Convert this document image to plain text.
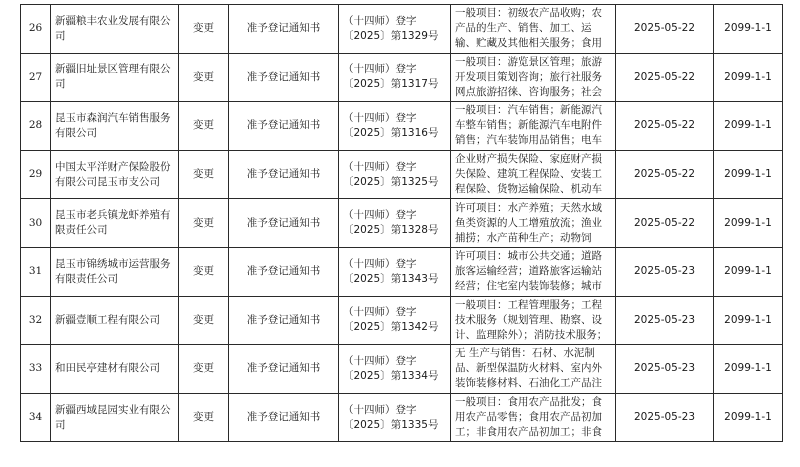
26	新疆粮丰农业发展有限公司	变更	准予登记通知书	（十四师）登字〔2025〕第1329号	一般项目：初级农产品收购；农产品的生产、销售、加工、运输、贮藏及其他相关服务；食用	2025-05-22	2099-1-1
27	新疆旧址景区管理有限公司	变更	准予登记通知书	（十四师）登字〔2025〕第1317号	一般项目：游览景区管理；旅游开发项目策划咨询；旅行社服务网点旅游招徕、咨询服务；社会	2025-05-22	2099-1-1
28	昆玉市森润汽车销售服务有限公司	变更	准予登记通知书	（十四师）登字〔2025〕第1316号	一般项目：汽车销售；新能源汽车整车销售；新能源汽车电附件销售；汽车装饰用品销售；电车	2025-05-22	2099-1-1
29	中国太平洋财产保险股份有限公司昆玉市支公司	变更	准予登记通知书	（十四师）登字〔2025〕第1325号	企业财产损失保险、家庭财产损失保险、建筑工程保险、安装工程保险、货物运输保险、机动车	2025-05-22	2099-1-1
30	昆玉市老兵镇龙虾养殖有限责任公司	变更	准予登记通知书	（十四师）登字〔2025〕第1328号	许可项目：水产养殖；天然水域鱼类资源的人工增殖放流；渔业捕捞；水产苗种生产；动物饲	2025-05-22	2099-1-1
31	昆玉市锦绣城市运营服务有限责任公司	变更	准予登记通知书	（十四师）登字〔2025〕第1343号	许可项目：城市公共交通；道路旅客运输经营；道路旅客运输站经营；住宅室内装饰装修；城市	2025-05-23	2099-1-1
32	新疆壹顺工程有限公司	变更	准予登记通知书	（十四师）登字〔2025〕第1342号	一般项目：工程管理服务；工程技术服务（规划管理、勘察、设计、监理除外）；消防技术服务；	2025-05-23	2099-1-1
33	和田民亭建材有限公司	变更	准予登记通知书	（十四师）登字〔2025〕第1334号	无 生产与销售：石材、水泥制品、新型保温防火材料、室内外装饰装修材料、石油化工产品注	2025-05-23	2099-1-1
34	新疆西域昆园实业有限公司	变更	准予登记通知书	（十四师）登字〔2025〕第1335号	一般项目：食用农产品批发；食用农产品零售；食用农产品初加工；非食用农产品初加工；非食	2025-05-23	2099-1-1
